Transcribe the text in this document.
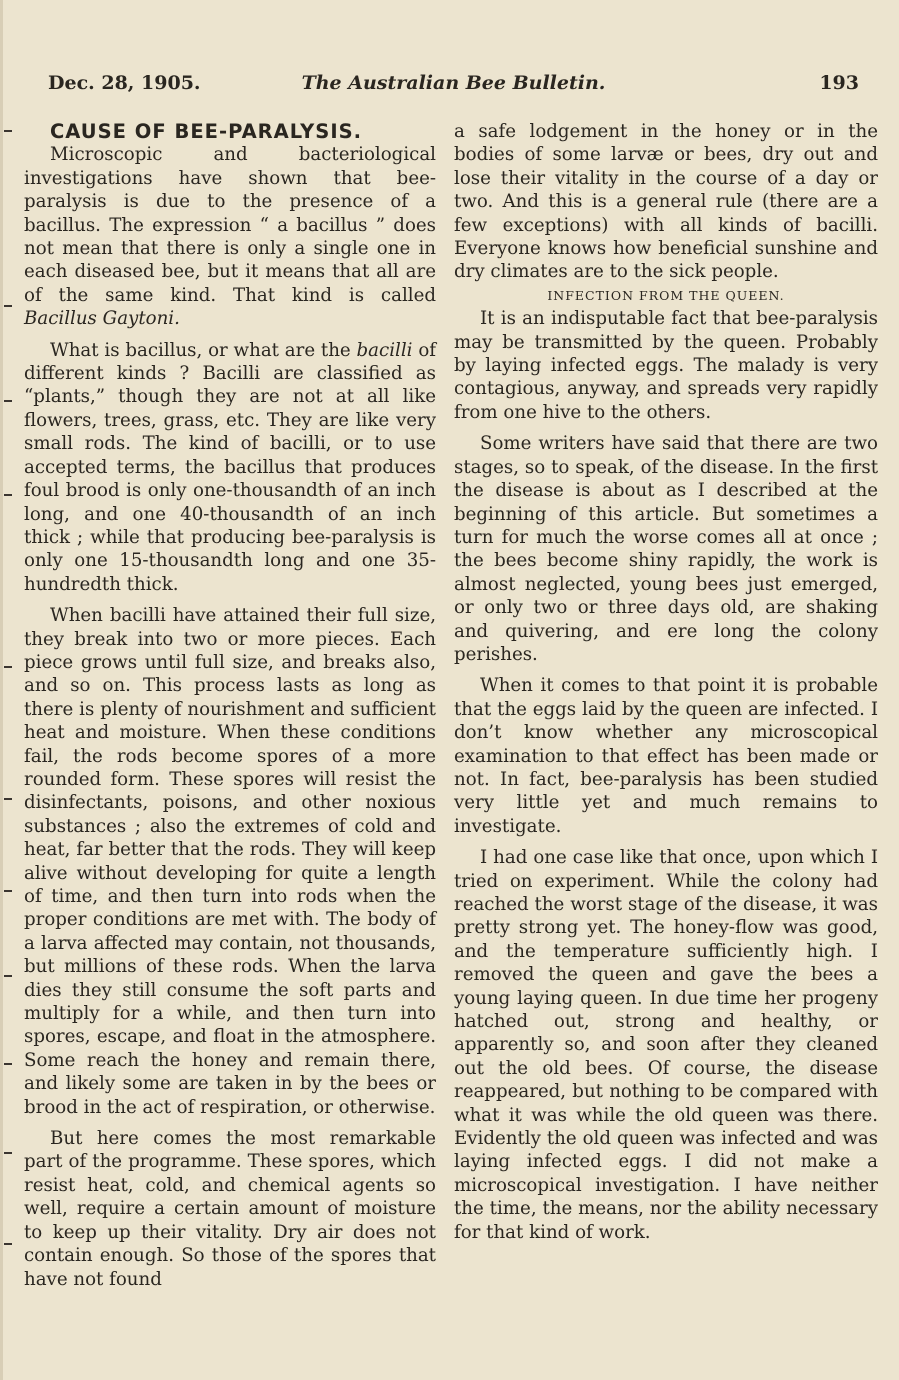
Dec. 28, 1905.	The Australian Bee Bulletin.	193

CAUSE OF BEE-PARALYSIS.

Microscopic and bacteriological investigations have shown that bee-paralysis is due to the presence of a bacillus. The expression “ a bacillus ” does not mean that there is only a single one in each diseased bee, but it means that all are of the same kind. That kind is called Bacillus Gaytoni.

What is bacillus, or what are the bacilli of different kinds ? Bacilli are classified as “plants,” though they are not at all like flowers, trees, grass, etc. They are like very small rods. The kind of bacilli, or to use accepted terms, the bacillus that produces foul brood is only one-thousandth of an inch long, and one 40-thousandth of an inch thick ; while that producing bee-paralysis is only one 15-thousandth long and one 35-hundredth thick.

When bacilli have attained their full size, they break into two or more pieces. Each piece grows until full size, and breaks also, and so on. This process lasts as long as there is plenty of nourishment and sufficient heat and moisture. When these conditions fail, the rods become spores of a more rounded form. These spores will resist the disinfectants, poisons, and other noxious substances ; also the extremes of cold and heat, far better that the rods. They will keep alive without developing for quite a length of time, and then turn into rods when the proper conditions are met with. The body of a larva affected may contain, not thousands, but millions of these rods. When the larva dies they still consume the soft parts and multiply for a while, and then turn into spores, escape, and float in the atmosphere. Some reach the honey and remain there, and likely some are taken in by the bees or brood in the act of respiration, or otherwise.

But here comes the most remarkable part of the programme. These spores, which resist heat, cold, and chemical agents so well, require a certain amount of moisture to keep up their vitality. Dry air does not contain enough. So those of the spores that have not found

a safe lodgement in the honey or in the bodies of some larvæ or bees, dry out and lose their vitality in the course of a day or two. And this is a general rule (there are a few exceptions) with all kinds of bacilli. Everyone knows how beneficial sunshine and dry climates are to the sick people.

INFECTION FROM THE QUEEN.

It is an indisputable fact that bee-paralysis may be transmitted by the queen. Probably by laying infected eggs. The malady is very contagious, anyway, and spreads very rapidly from one hive to the others.

Some writers have said that there are two stages, so to speak, of the disease. In the first the disease is about as I described at the beginning of this article. But sometimes a turn for much the worse comes all at once ; the bees become shiny rapidly, the work is almost neglected, young bees just emerged, or only two or three days old, are shaking and quivering, and ere long the colony perishes.

When it comes to that point it is probable that the eggs laid by the queen are infected. I don’t know whether any microscopical examination to that effect has been made or not. In fact, bee-paralysis has been studied very little yet and much remains to investigate.

I had one case like that once, upon which I tried on experiment. While the colony had reached the worst stage of the disease, it was pretty strong yet. The honey-flow was good, and the temperature sufficiently high. I removed the queen and gave the bees a young laying queen. In due time her progeny hatched out, strong and healthy, or apparently so, and soon after they cleaned out the old bees. Of course, the disease reappeared, but nothing to be compared with what it was while the old queen was there. Evidently the old queen was infected and was laying infected eggs. I did not make a microscopical investigation. I have neither the time, the means, nor the ability necessary for that kind of work.
